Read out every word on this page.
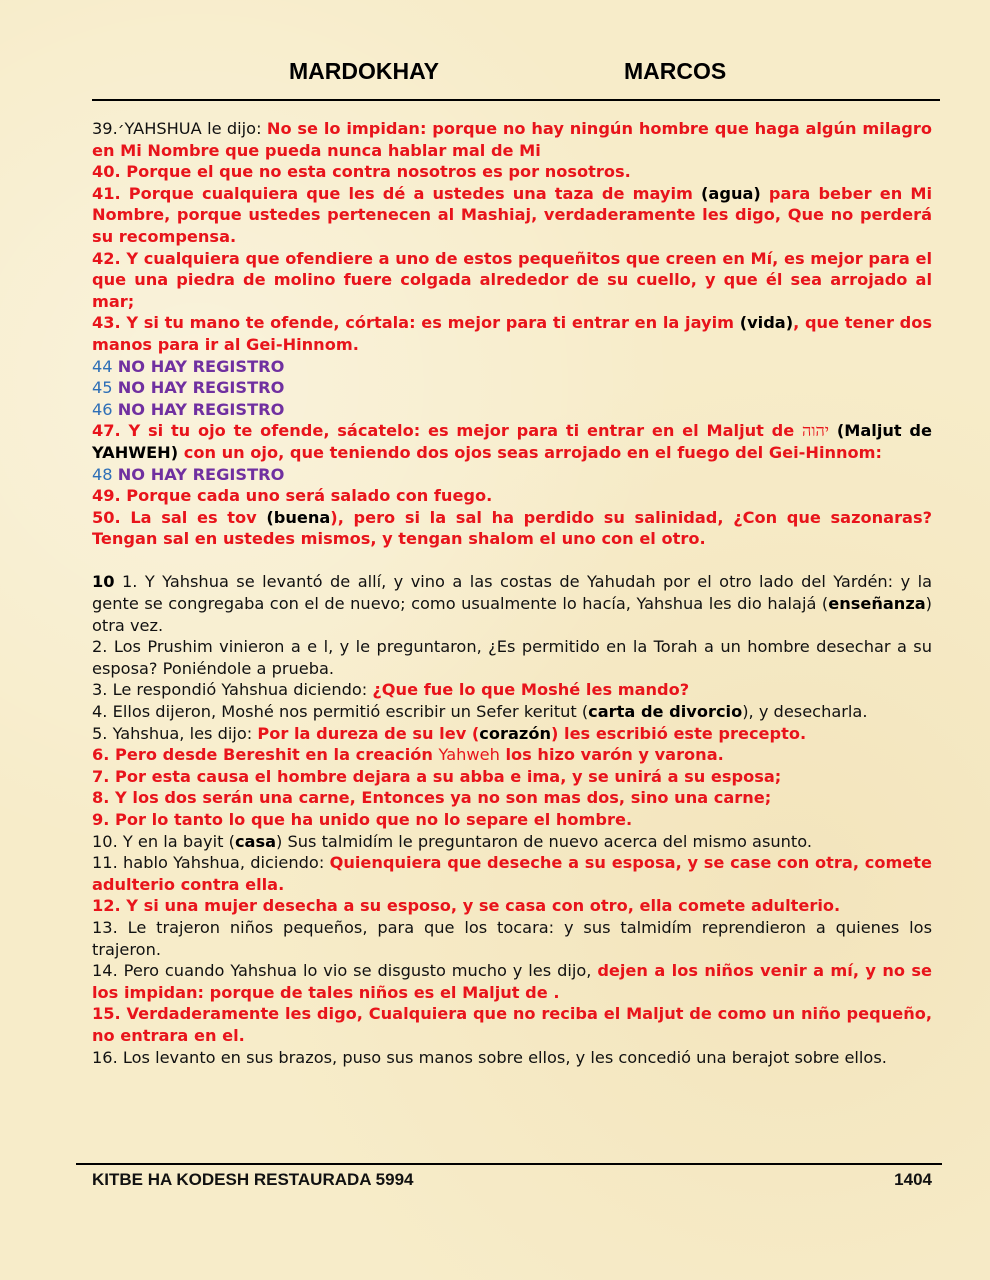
MARDOKHAY	MARCOS

39.׳YAHSHUA le dijo: No se lo impidan: porque no hay ningún hombre que haga algún milagro en Mi Nombre que pueda nunca hablar mal de Mi

40. Porque el que no esta contra nosotros es por nosotros.

41. Porque cualquiera que les dé a ustedes una taza de mayim (agua) para beber en Mi Nombre, porque ustedes pertenecen al Mashiaj, verdaderamente les digo, Que no perderá su recompensa.

42. Y cualquiera que ofendiere a uno de estos pequeñitos que creen en Mí, es mejor para el que una piedra de molino fuere colgada alrededor de su cuello, y que él sea arrojado al mar;

43. Y si tu mano te ofende, córtala: es mejor para ti entrar en la jayim (vida), que tener dos manos para ir al Gei-Hinnom.

44 NO HAY REGISTRO

45 NO HAY REGISTRO

46 NO HAY REGISTRO

47. Y si tu ojo te ofende, sácatelo: es mejor para ti entrar en el Maljut de יהוה (Maljut de YAHWEH) con un ojo, que teniendo dos ojos seas arrojado en el fuego del Gei-Hinnom:

48 NO HAY REGISTRO

49. Porque cada uno será salado con fuego.

50. La sal es tov (buena), pero si la sal ha perdido su salinidad, ¿Con que sazonaras? Tengan sal en ustedes mismos, y tengan shalom el uno con el otro.

10 1. Y Yahshua se levantó de allí, y vino a las costas de Yahudah por el otro lado del Yardén: y la gente se congregaba con el de nuevo; como usualmente lo hacía, Yahshua les dio halajá (enseñanza) otra vez.

2. Los Prushim vinieron a e l, y le preguntaron, ¿Es permitido en la Torah a un hombre desechar a su esposa? Poniéndole a prueba.

3. Le respondió Yahshua diciendo: ¿Que fue lo que Moshé les mando?

4. Ellos dijeron, Moshé nos permitió escribir un Sefer keritut (carta de divorcio), y desecharla.

5. Yahshua, les dijo: Por la dureza de su lev (corazón) les escribió este precepto.

6. Pero desde Bereshit en la creación Yahweh los hizo varón y varona.

7. Por esta causa el hombre dejara a su abba e ima, y se unirá a su esposa;

8. Y los dos serán una carne, Entonces ya no son mas dos, sino una carne;

9. Por lo tanto lo que ha unido que no lo separe el hombre.

10. Y en la bayit (casa) Sus talmidím le preguntaron de nuevo acerca del mismo asunto.

11. hablo Yahshua, diciendo: Quienquiera que deseche a su esposa, y se case con otra, comete adulterio contra ella.

12. Y si una mujer desecha a su esposo, y se casa con otro, ella comete adulterio.

13. Le trajeron niños pequeños, para que los tocara: y sus talmidím reprendieron a quienes los trajeron.

14. Pero cuando Yahshua lo vio se disgusto mucho y les dijo, dejen a los niños venir a mí, y no se los impidan: porque de tales niños es el Maljut de .

15. Verdaderamente les digo, Cualquiera que no reciba el Maljut de como un niño pequeño, no entrara en el.

16. Los levanto en sus brazos, puso sus manos sobre ellos, y les concedió una berajot sobre ellos.

KITBE HA KODESH RESTAURADA 5994	1404
